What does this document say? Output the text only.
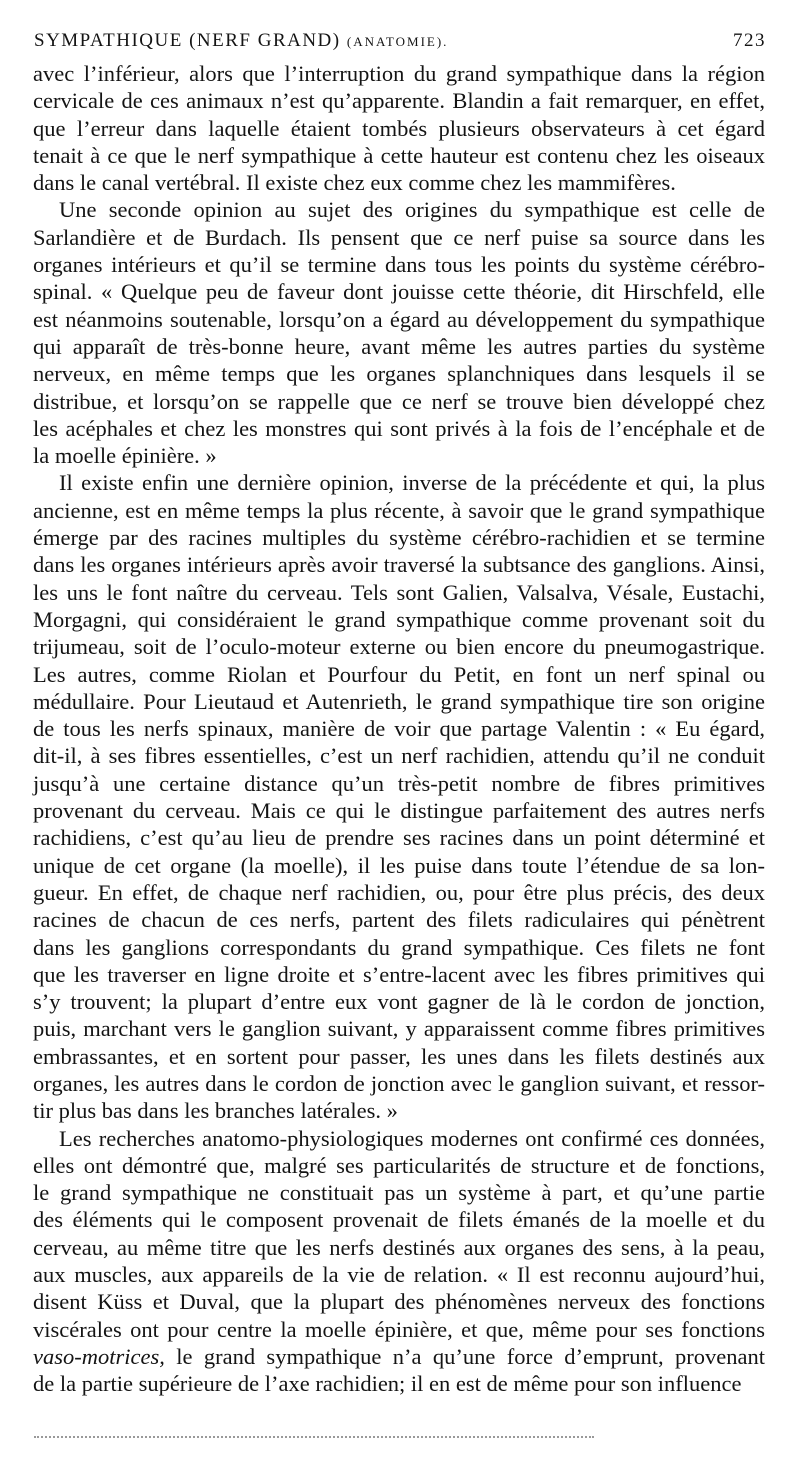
SYMPATHIQUE (NERF GRAND) (ANATOMIE).	723

avec l’inférieur, alors que l’interruption du grand sympathique dans la région
cervicale de ces animaux n’est qu’apparente. Blandin a fait remarquer, en effet,
que l’erreur dans laquelle étaient tombés plusieurs observateurs à cet égard
tenait à ce que le nerf sympathique à cette hauteur est contenu chez les oiseaux
dans le canal vertébral. Il existe chez eux comme chez les mammifères.

Une seconde opinion au sujet des origines du sympathique est celle de
Sarlandière et de Burdach. Ils pensent que ce nerf puise sa source dans les
organes intérieurs et qu’il se termine dans tous les points du système cérébro-
spinal. « Quelque peu de faveur dont jouisse cette théorie, dit Hirschfeld, elle
est néanmoins soutenable, lorsqu’on a égard au développement du sympathique
qui apparaît de très-bonne heure, avant même les autres parties du système
nerveux, en même temps que les organes splanchniques dans lesquels il se
distribue, et lorsqu’on se rappelle que ce nerf se trouve bien développé chez
les acéphales et chez les monstres qui sont privés à la fois de l’encéphale et de
la moelle épinière. »

Il existe enfin une dernière opinion, inverse de la précédente et qui, la plus
ancienne, est en même temps la plus récente, à savoir que le grand sympathique
émerge par des racines multiples du système cérébro-rachidien et se termine
dans les organes intérieurs après avoir traversé la subtsance des ganglions. Ainsi,
les uns le font naître du cerveau. Tels sont Galien, Valsalva, Vésale, Eustachi,
Morgagni, qui considéraient le grand sympathique comme provenant soit du
trijumeau, soit de l’oculo-moteur externe ou bien encore du pneumogastrique.
Les autres, comme Riolan et Pourfour du Petit, en font un nerf spinal ou
médullaire. Pour Lieutaud et Autenrieth, le grand sympathique tire son origine
de tous les nerfs spinaux, manière de voir que partage Valentin : « Eu égard,
dit-il, à ses fibres essentielles, c’est un nerf rachidien, attendu qu’il ne conduit
jusqu’à une certaine distance qu’un très-petit nombre de fibres primitives
provenant du cerveau. Mais ce qui le distingue parfaitement des autres nerfs
rachidiens, c’est qu’au lieu de prendre ses racines dans un point déterminé et
unique de cet organe (la moelle), il les puise dans toute l’étendue de sa lon-
gueur. En effet, de chaque nerf rachidien, ou, pour être plus précis, des deux
racines de chacun de ces nerfs, partent des filets radiculaires qui pénètrent
dans les ganglions correspondants du grand sympathique. Ces filets ne font
que les traverser en ligne droite et s’entre-lacent avec les fibres primitives qui
s’y trouvent; la plupart d’entre eux vont gagner de là le cordon de jonction,
puis, marchant vers le ganglion suivant, y apparaissent comme fibres primitives
embrassantes, et en sortent pour passer, les unes dans les filets destinés aux
organes, les autres dans le cordon de jonction avec le ganglion suivant, et ressor-
tir plus bas dans les branches latérales. »

Les recherches anatomo-physiologiques modernes ont confirmé ces données,
elles ont démontré que, malgré ses particularités de structure et de fonctions,
le grand sympathique ne constituait pas un système à part, et qu’une partie
des éléments qui le composent provenait de filets émanés de la moelle et du
cerveau, au même titre que les nerfs destinés aux organes des sens, à la peau,
aux muscles, aux appareils de la vie de relation. « Il est reconnu aujourd’hui,
disent Küss et Duval, que la plupart des phénomènes nerveux des fonctions
viscérales ont pour centre la moelle épinière, et que, même pour ses fonctions
vaso-motrices, le grand sympathique n’a qu’une force d’emprunt, provenant
de la partie supérieure de l’axe rachidien; il en est de même pour son influence
